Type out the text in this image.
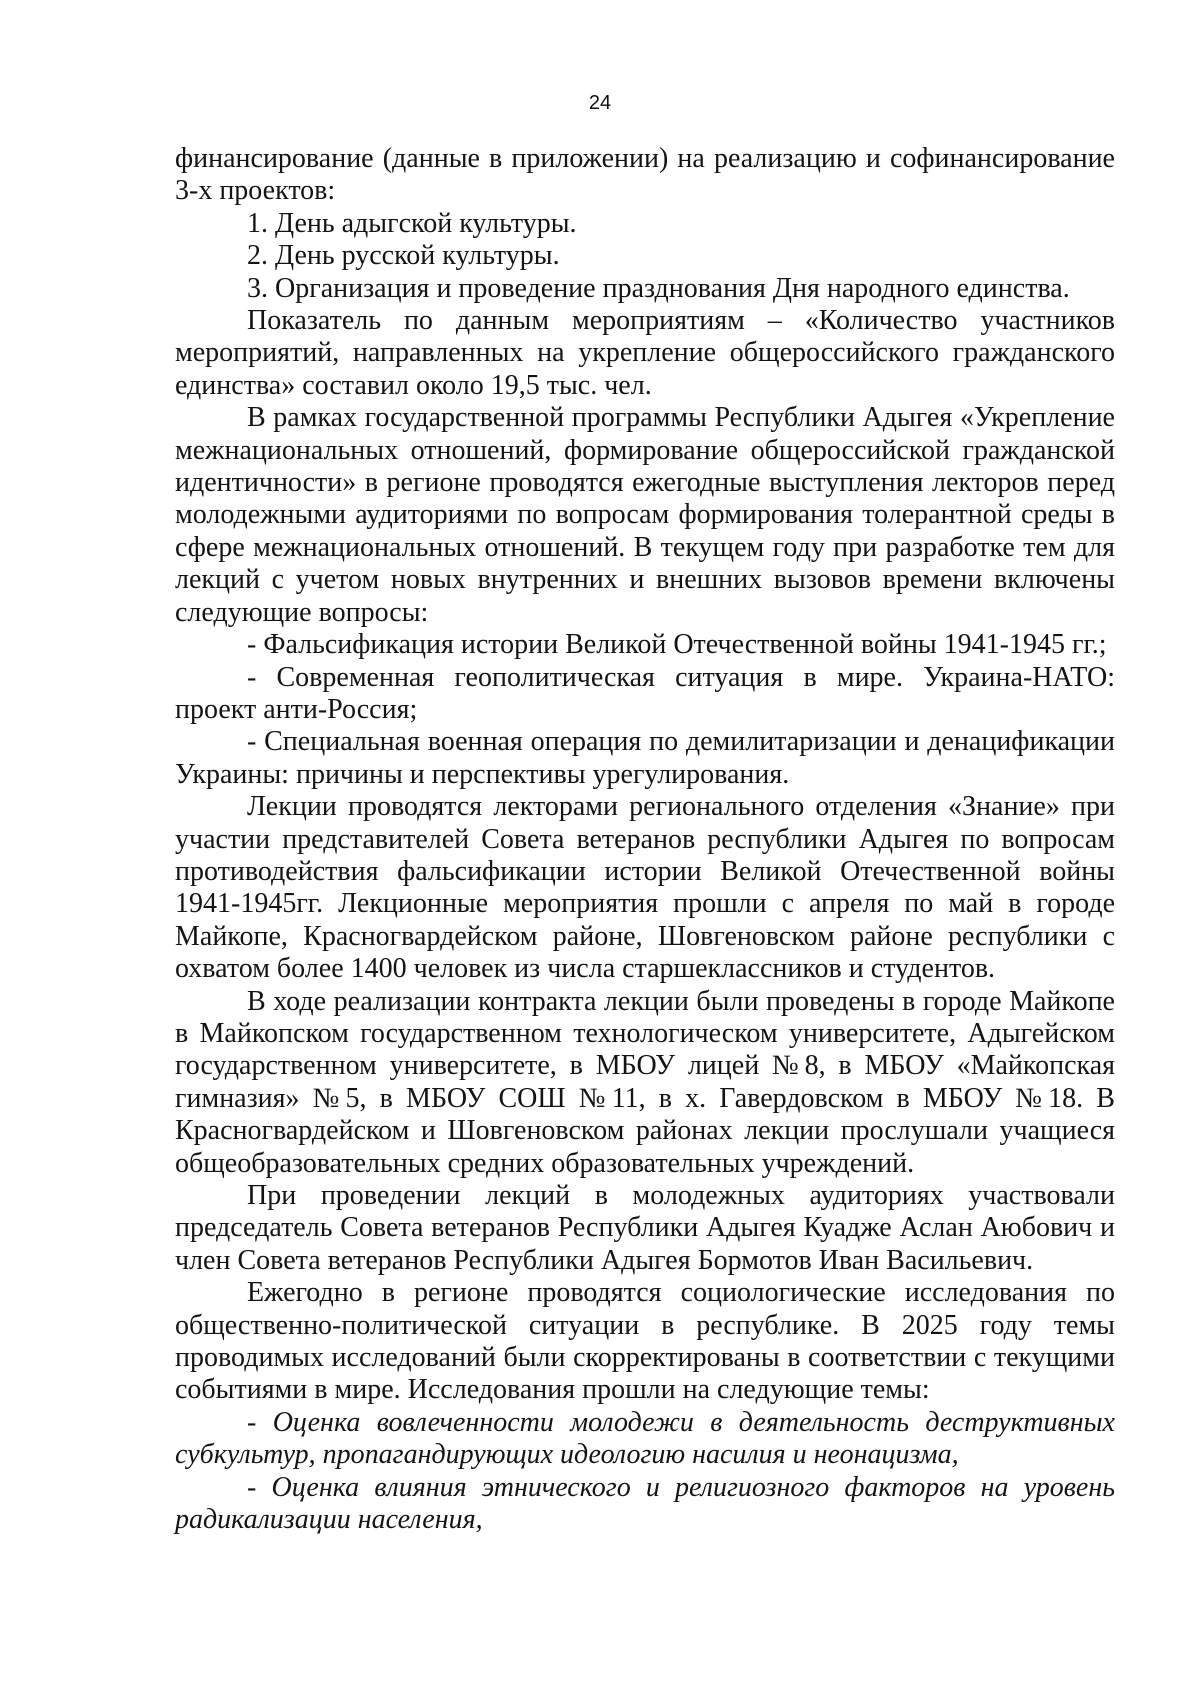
24

финансирование (данные в приложении) на реализацию и софинансирование 3-х проектов:

1. День адыгской культуры.

2. День русской культуры.

3. Организация и проведение празднования Дня народного единства.

Показатель по данным мероприятиям – «Количество участников мероприятий, направленных на укрепление общероссийского гражданского единства» составил около 19,5 тыс. чел.

В рамках государственной программы Республики Адыгея «Укрепление межнациональных отношений, формирование общероссийской гражданской идентичности» в регионе проводятся ежегодные выступления лекторов перед молодежными аудиториями по вопросам формирования толерантной среды в сфере межнациональных отношений. В текущем году при разработке тем для лекций с учетом новых внутренних и внешних вызовов времени включены следующие вопросы:

- Фальсификация истории Великой Отечественной войны 1941-1945 гг.;

- Современная геополитическая ситуация в мире. Украина-НАТО: проект анти-Россия;

- Специальная военная операция по демилитаризации и денацификации Украины: причины и перспективы урегулирования.

Лекции проводятся лекторами регионального отделения «Знание» при участии представителей Совета ветеранов республики Адыгея по вопросам противодействия фальсификации истории Великой Отечественной войны 1941-1945гг. Лекционные мероприятия прошли с апреля по май в городе Майкопе, Красногвардейском районе, Шовгеновском районе республики с охватом более 1400 человек из числа старшеклассников и студентов.

В ходе реализации контракта лекции были проведены в городе Майкопе в Майкопском государственном технологическом университете, Адыгейском государственном университете, в МБОУ лицей №8, в МБОУ «Майкопская гимназия» №5, в МБОУ СОШ №11, в х. Гавердовском в МБОУ №18. В Красногвардейском и Шовгеновском районах лекции прослушали учащиеся общеобразовательных средних образовательных учреждений.

При проведении лекций в молодежных аудиториях участвовали председатель Совета ветеранов Республики Адыгея Куадже Аслан Аюбович и член Совета ветеранов Республики Адыгея Бормотов Иван Васильевич.

Ежегодно в регионе проводятся социологические исследования по общественно-политической ситуации в республике. В 2025 году темы проводимых исследований были скорректированы в соответствии с текущими событиями в мире. Исследования прошли на следующие темы:

- Оценка вовлеченности молодежи в деятельность деструктивных субкультур, пропагандирующих идеологию насилия и неонацизма,

- Оценка влияния этнического и религиозного факторов на уровень радикализации населения,
